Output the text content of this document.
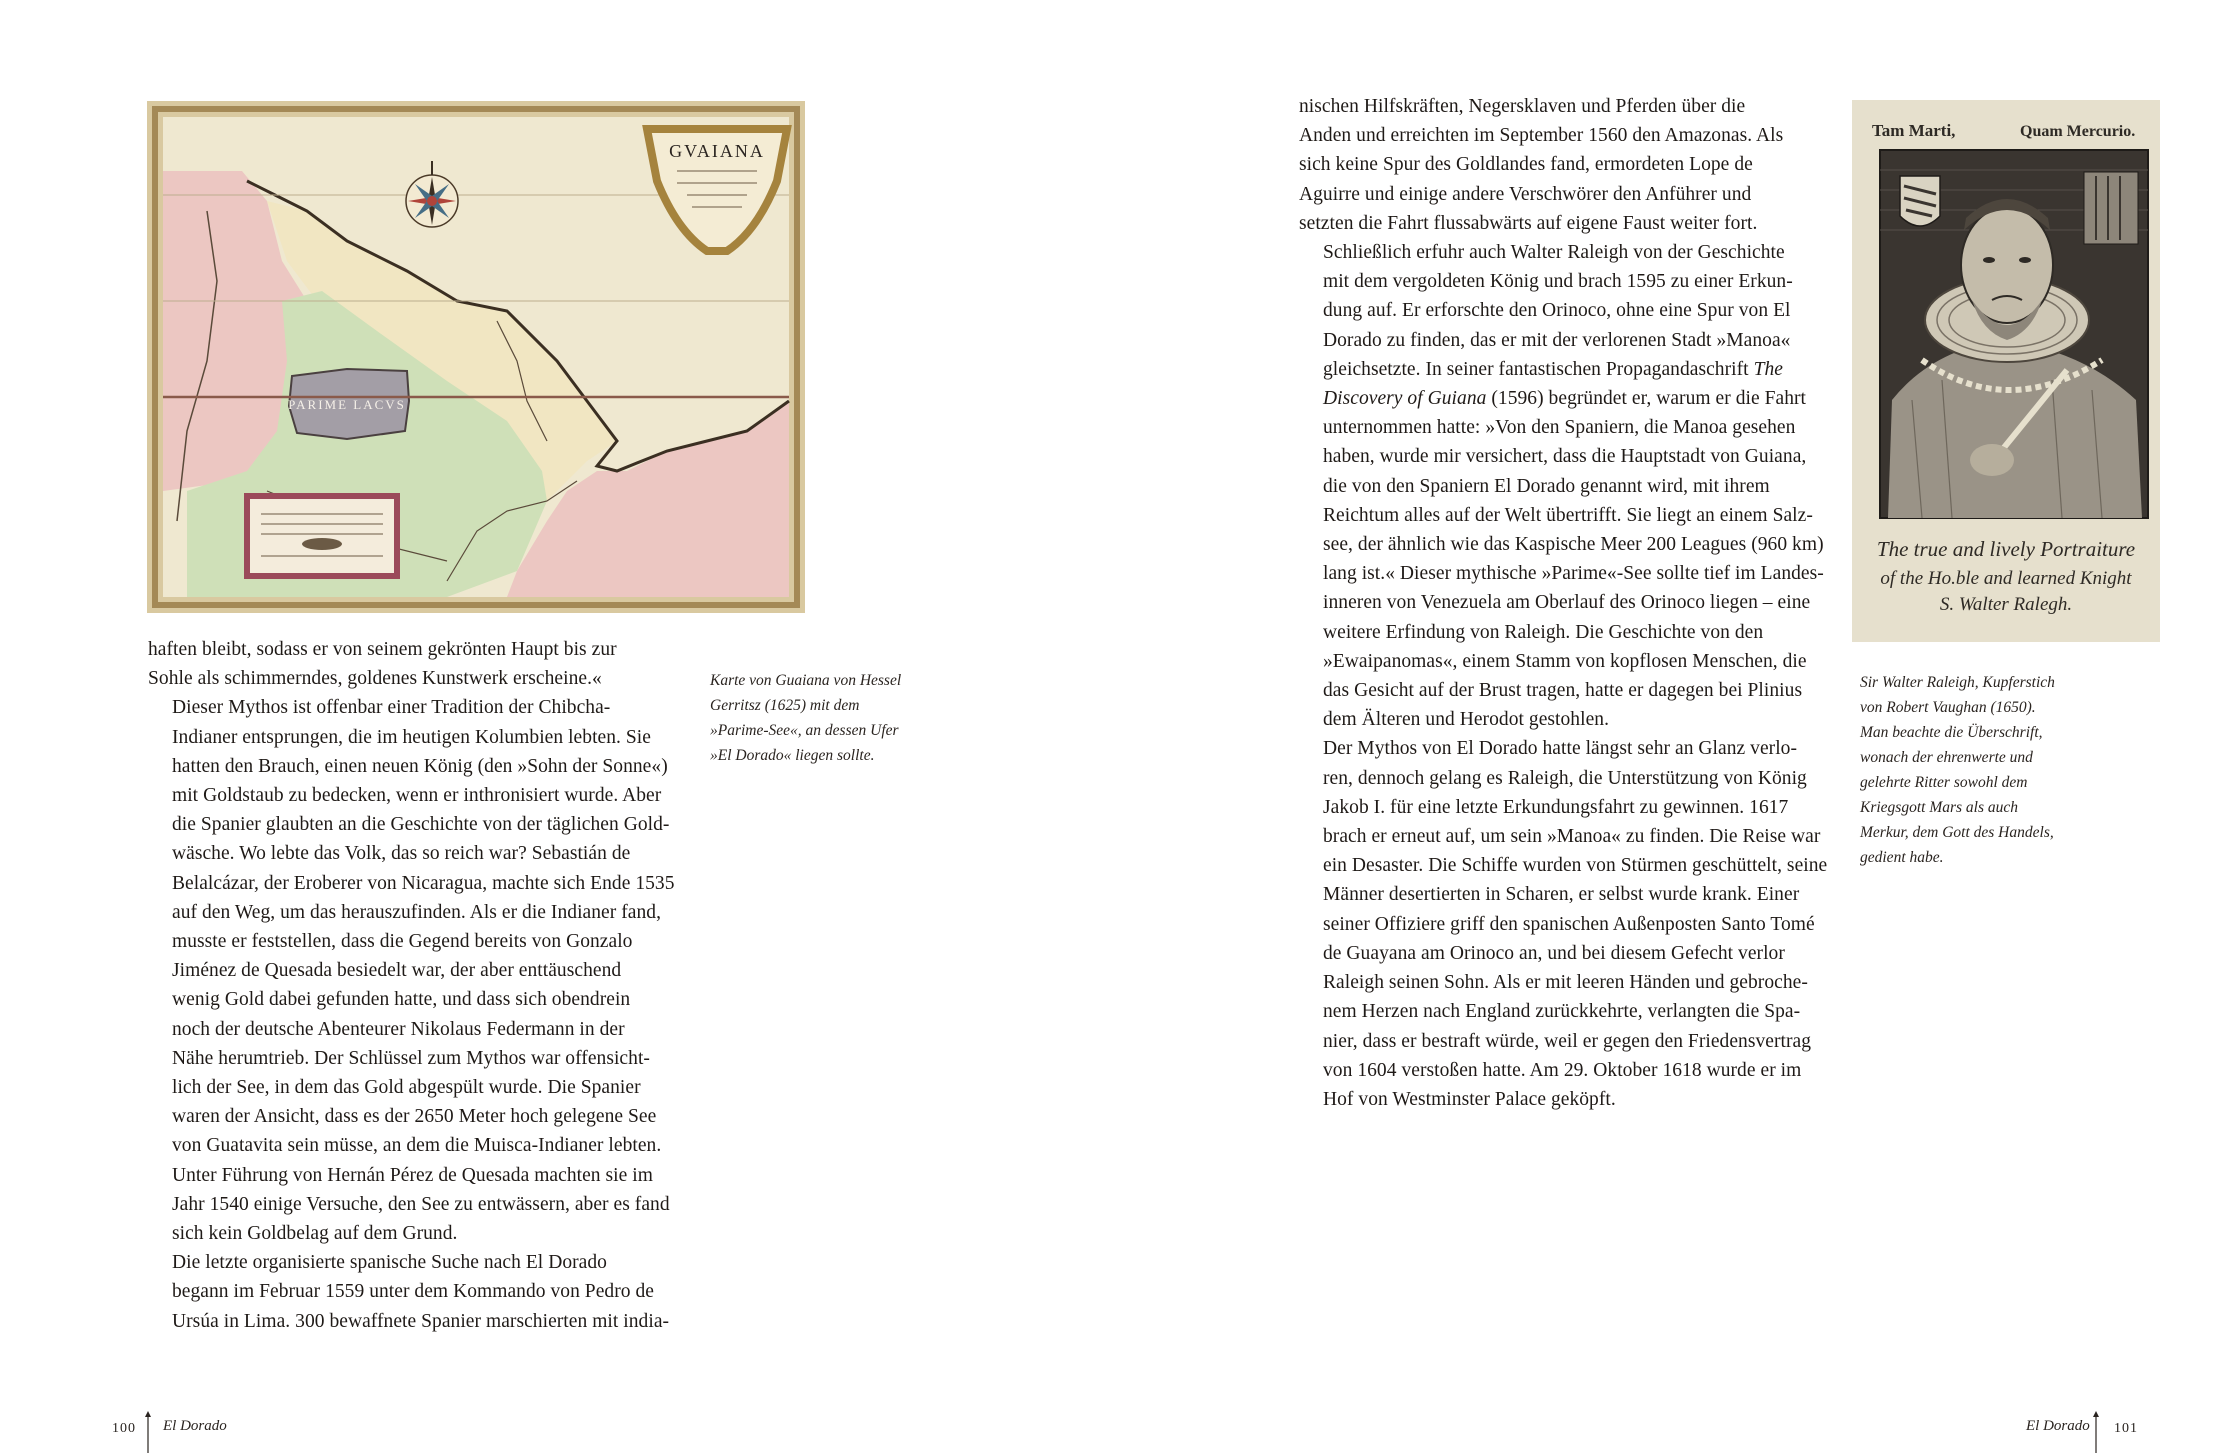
PARIME LACVS
GVAIANA
Karte von Guaiana von Hessel
Gerritsz (1625) mit dem
»Parime-See«, an dessen Ufer
»El Dorado« liegen sollte.

haften bleibt, sodass er von seinem gekrönten Haupt bis zur
Sohle als schimmerndes, goldenes Kunstwerk erscheine.«

Dieser Mythos ist offenbar einer Tradition der Chibcha-
Indianer entsprungen, die im heutigen Kolumbien lebten. Sie
hatten den Brauch, einen neuen König (den »Sohn der Sonne«)
mit Goldstaub zu bedecken, wenn er inthronisiert wurde. Aber
die Spanier glaubten an die Geschichte von der täglichen Gold-
wäsche. Wo lebte das Volk, das so reich war? Sebastián de
Belalcázar, der Eroberer von Nicaragua, machte sich Ende 1535
auf den Weg, um das herauszufinden. Als er die Indianer fand,
musste er feststellen, dass die Gegend bereits von Gonzalo
Jiménez de Quesada besiedelt war, der aber enttäuschend
wenig Gold dabei gefunden hatte, und dass sich obendrein
noch der deutsche Abenteurer Nikolaus Federmann in der
Nähe herumtrieb. Der Schlüssel zum Mythos war offensicht-
lich der See, in dem das Gold abgespült wurde. Die Spanier
waren der Ansicht, dass es der 2650 Meter hoch gelegene See
von Guatavita sein müsse, an dem die Muisca-Indianer lebten.
Unter Führung von Hernán Pérez de Quesada machten sie im
Jahr 1540 einige Versuche, den See zu entwässern, aber es fand
sich kein Goldbelag auf dem Grund.

Die letzte organisierte spanische Suche nach El Dorado
begann im Februar 1559 unter dem Kommando von Pedro de
Ursúa in Lima. 300 bewaffnete Spanier marschierten mit india-

100 El Dorado

nischen Hilfskräften, Negersklaven und Pferden über die
Anden und erreichten im September 1560 den Amazonas. Als
sich keine Spur des Goldlandes fand, ermordeten Lope de
Aguirre und einige andere Verschwörer den Anführer und
setzten die Fahrt flussabwärts auf eigene Faust weiter fort.

Schließlich erfuhr auch Walter Raleigh von der Geschichte
mit dem vergoldeten König und brach 1595 zu einer Erkun-
dung auf. Er erforschte den Orinoco, ohne eine Spur von El
Dorado zu finden, das er mit der verlorenen Stadt »Manoa«
gleichsetzte. In seiner fantastischen Propagandaschrift The
Discovery of Guiana (1596) begründet er, warum er die Fahrt
unternommen hatte: »Von den Spaniern, die Manoa gesehen
haben, wurde mir versichert, dass die Hauptstadt von Guiana,
die von den Spaniern El Dorado genannt wird, mit ihrem
Reichtum alles auf der Welt übertrifft. Sie liegt an einem Salz-
see, der ähnlich wie das Kaspische Meer 200 Leagues (960 km)
lang ist.« Dieser mythische »Parime«-See sollte tief im Landes-
inneren von Venezuela am Oberlauf des Orinoco liegen – eine
weitere Erfindung von Raleigh. Die Geschichte von den
»Ewaipanomas«, einem Stamm von kopflosen Menschen, die
das Gesicht auf der Brust tragen, hatte er dagegen bei Plinius
dem Älteren und Herodot gestohlen.

Der Mythos von El Dorado hatte längst sehr an Glanz verlo-
ren, dennoch gelang es Raleigh, die Unterstützung von König
Jakob I. für eine letzte Erkundungsfahrt zu gewinnen. 1617
brach er erneut auf, um sein »Manoa« zu finden. Die Reise war
ein Desaster. Die Schiffe wurden von Stürmen geschüttelt, seine
Männer desertierten in Scharen, er selbst wurde krank. Einer
seiner Offiziere griff den spanischen Außenposten Santo Tomé
de Guayana am Orinoco an, und bei diesem Gefecht verlor
Raleigh seinen Sohn. Als er mit leeren Händen und gebroche-
nem Herzen nach England zurückkehrte, verlangten die Spa-
nier, dass er bestraft würde, weil er gegen den Friedensvertrag
von 1604 verstoßen hatte. Am 29. Oktober 1618 wurde er im
Hof von Westminster Palace geköpft.

Tam Marti,	Quam Mercurio.
The true and lively Portraiture
of the Ho.ble and learned Knight
S. Walter Ralegh.
Sir Walter Raleigh, Kupferstich
von Robert Vaughan (1650).
Man beachte die Überschrift,
wonach der ehrenwerte und
gelehrte Ritter sowohl dem
Kriegsgott Mars als auch
Merkur, dem Gott des Handels,
gedient habe.
El Dorado 101
